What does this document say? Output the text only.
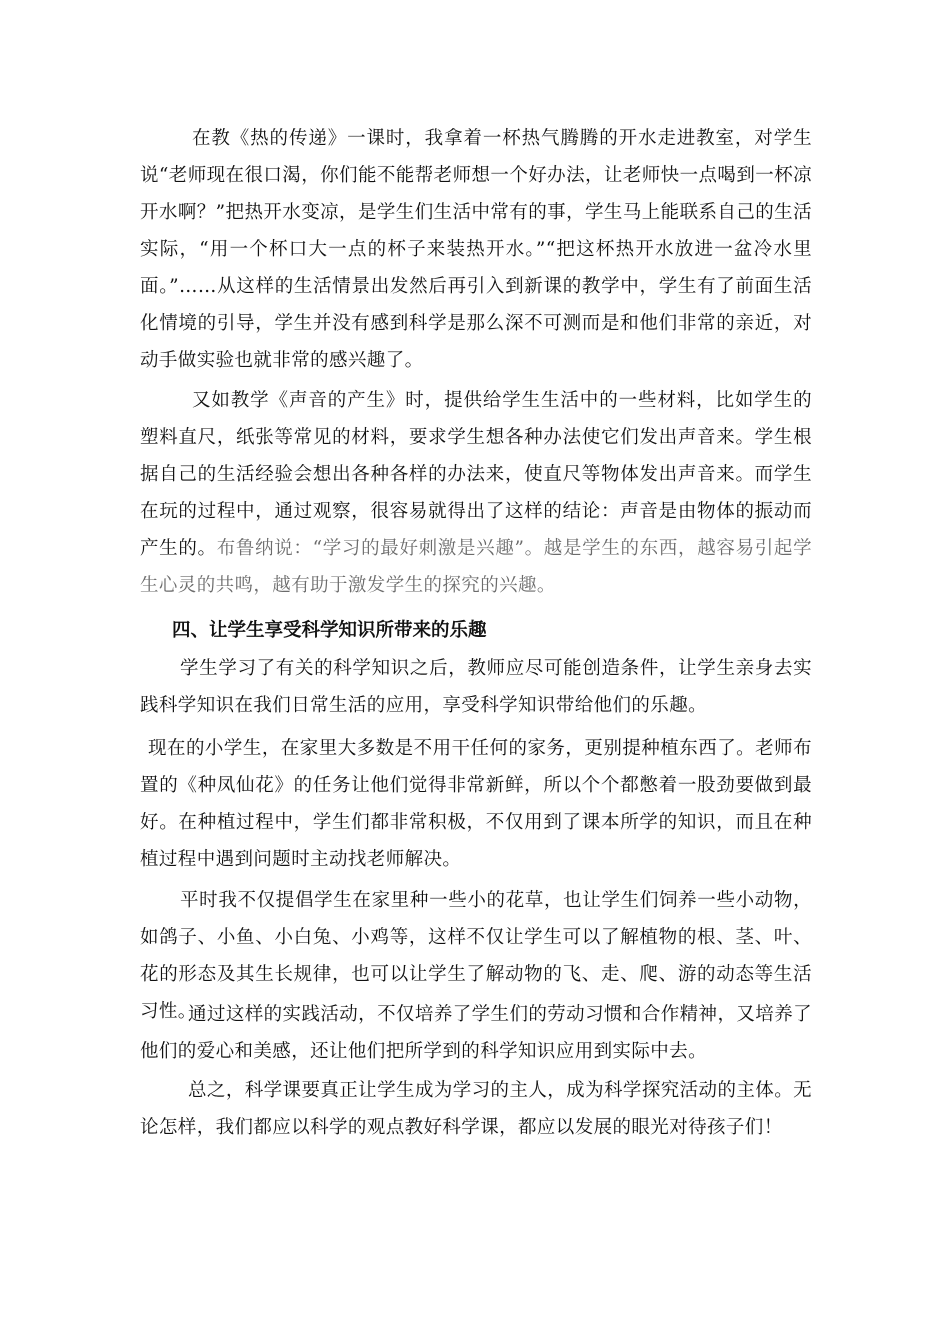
在教《热的传递》一课时，我拿着一杯热气腾腾的开水走进教室，对学生说“老师现在很口渴，你们能不能帮老师想一个好办法，让老师快一点喝到一杯凉开水啊？”把热开水变凉，是学生们生活中常有的事，学生马上能联系自己的生活实际，“用一个杯口大一点的杯子来装热开水。”“把这杯热开水放进一盆冷水里面。”……从这样的生活情景出发然后再引入到新课的教学中，学生有了前面生活化情境的引导，学生并没有感到科学是那么深不可测而是和他们非常的亲近，对动手做实验也就非常的感兴趣了。

又如教学《声音的产生》时，提供给学生生活中的一些材料，比如学生的塑料直尺，纸张等常见的材料，要求学生想各种办法使它们发出声音来。学生根据自己的生活经验会想出各种各样的办法来，使直尺等物体发出声音来。而学生在玩的过程中，通过观察，很容易就得出了这样的结论：声音是由物体的振动而产生的。布鲁纳说：“学习的最好刺激是兴趣”。越是学生的东西，越容易引起学生心灵的共鸣，越有助于激发学生的探究的兴趣。

四、让学生享受科学知识所带来的乐趣

学生学习了有关的科学知识之后，教师应尽可能创造条件，让学生亲身去实践科学知识在我们日常生活的应用，享受科学知识带给他们的乐趣。

现在的小学生，在家里大多数是不用干任何的家务，更别提种植东西了。老师布置的《种凤仙花》的任务让他们觉得非常新鲜，所以个个都憋着一股劲要做到最好。在种植过程中，学生们都非常积极，不仅用到了课本所学的知识，而且在种植过程中遇到问题时主动找老师解决。

平时我不仅提倡学生在家里种一些小的花草，也让学生们饲养一些小动物，如鸽子、小鱼、小白兔、小鸡等，这样不仅让学生可以了解植物的根、茎、叶、花的形态及其生长规律，也可以让学生了解动物的飞、走、爬、游的动态等生活习性。

通过这样的实践活动，不仅培养了学生们的劳动习惯和合作精神，又培养了他们的爱心和美感，还让他们把所学到的科学知识应用到实际中去。

总之，科学课要真正让学生成为学习的主人，成为科学探究活动的主体。无论怎样，我们都应以科学的观点教好科学课，都应以发展的眼光对待孩子们！
